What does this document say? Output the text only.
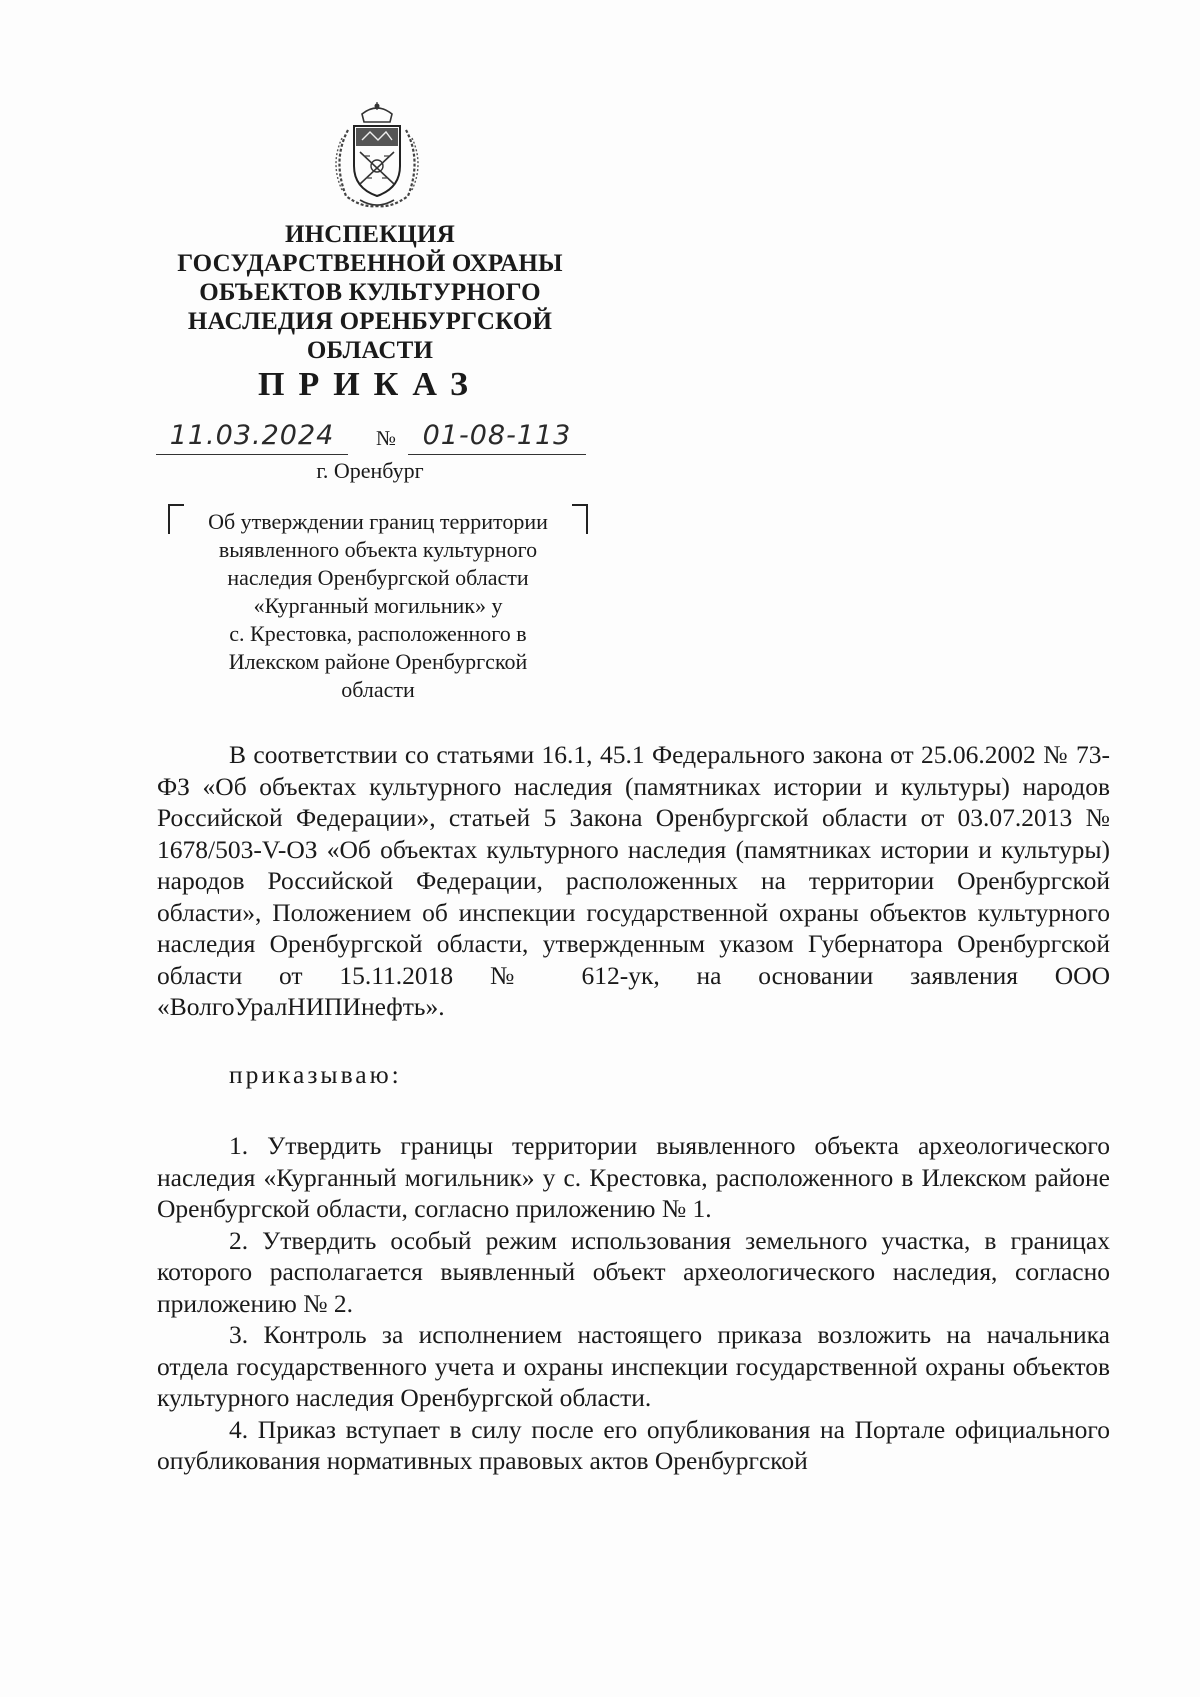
ИНСПЕКЦИЯ
ГОСУДАРСТВЕННОЙ ОХРАНЫ
ОБЪЕКТОВ КУЛЬТУРНОГО
НАСЛЕДИЯ ОРЕНБУРГСКОЙ
ОБЛАСТИ
ПРИКАЗ
11.03.2024	№ 01-08-113
г. Оренбург
Об утверждении границ территории
выявленного объекта культурного
наследия Оренбургской области
«Курганный могильник» у
с. Крестовка, расположенного в
Илекском районе Оренбургской
области

В соответствии со статьями 16.1, 45.1 Федерального закона от 25.06.2002 № 73-ФЗ «Об объектах культурного наследия (памятниках истории и культуры) народов Российской Федерации», статьей 5 Закона Оренбургской области от 03.07.2013 № 1678/503-V-ОЗ «Об объектах культурного наследия (памятниках истории и культуры) народов Российской Федерации, расположенных на территории Оренбургской области», Положением об инспекции государственной охраны объектов культурного наследия Оренбургской области, утвержденным указом Губернатора Оренбургской области от 15.11.2018 № 612-ук, на основании заявления ООО «ВолгоУралНИПИнефть».

приказываю:

1. Утвердить границы территории выявленного объекта археологического наследия «Курганный могильник» у с. Крестовка, расположенного в Илекском районе Оренбургской области, согласно приложению № 1.

2. Утвердить особый режим использования земельного участка, в границах которого располагается выявленный объект археологического наследия, согласно приложению № 2.

3. Контроль за исполнением настоящего приказа возложить на начальника отдела государственного учета и охраны инспекции государственной охраны объектов культурного наследия Оренбургской области.

4. Приказ вступает в силу после его опубликования на Портале официального опубликования нормативных правовых актов Оренбургской
